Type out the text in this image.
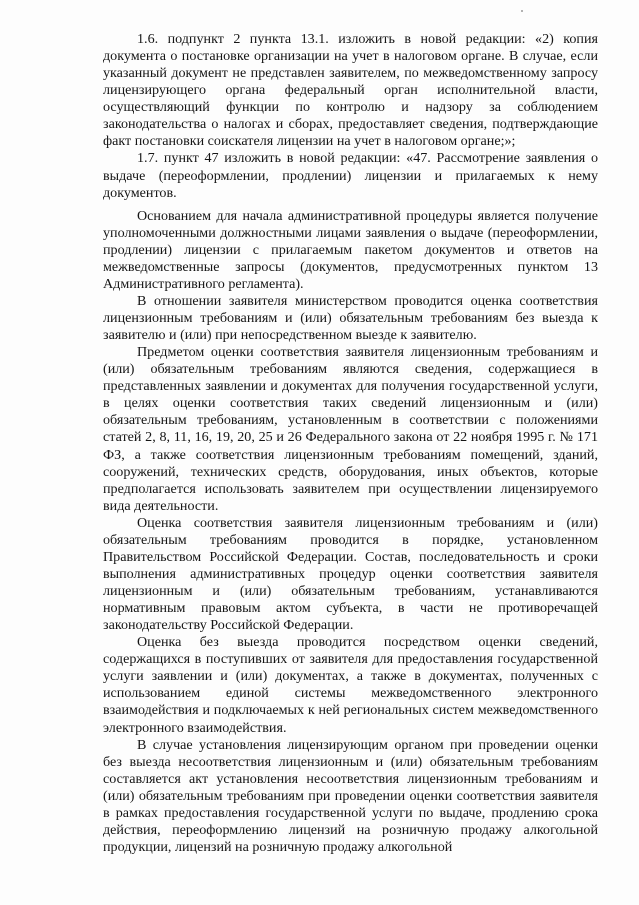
1.6. подпункт 2 пункта 13.1. изложить в новой редакции: «2) копия документа о постановке организации на учет в налоговом органе. В случае, если указанный документ не представлен заявителем, по межведомственному запросу лицензирующего органа федеральный орган исполнительной власти, осуществляющий функции по контролю и надзору за соблюдением законодательства о налогах и сборах, предоставляет сведения, подтверждающие факт постановки соискателя лицензии на учет в налоговом органе;»;

1.7. пункт 47 изложить в новой редакции: «47. Рассмотрение заявления о выдаче (переоформлении, продлении) лицензии и прилагаемых к нему документов.

Основанием для начала административной процедуры является получение уполномоченными должностными лицами заявления о выдаче (переоформлении, продлении) лицензии с прилагаемым пакетом документов и ответов на межведомственные запросы (документов, предусмотренных пунктом 13 Административного регламента).

В отношении заявителя министерством проводится оценка соответствия лицензионным требованиям и (или) обязательным требованиям без выезда к заявителю и (или) при непосредственном выезде к заявителю.

Предметом оценки соответствия заявителя лицензионным требованиям и (или) обязательным требованиям являются сведения, содержащиеся в представленных заявлении и документах для получения государственной услуги, в целях оценки соответствия таких сведений лицензионным и (или) обязательным требованиям, установленным в соответствии с положениями статей 2, 8, 11, 16, 19, 20, 25 и 26 Федерального закона от 22 ноября 1995 г. № 171 ФЗ, а также соответствия лицензионным требованиям помещений, зданий, сооружений, технических средств, оборудования, иных объектов, которые предполагается использовать заявителем при осуществлении лицензируемого вида деятельности.

Оценка соответствия заявителя лицензионным требованиям и (или) обязательным требованиям проводится в порядке, установленном Правительством Российской Федерации. Состав, последовательность и сроки выполнения административных процедур оценки соответствия заявителя лицензионным и (или) обязательным требованиям, устанавливаются нормативным правовым актом субъекта, в части не противоречащей законодательству Российской Федерации.

Оценка без выезда проводится посредством оценки сведений, содержащихся в поступивших от заявителя для предоставления государственной услуги заявлении и (или) документах, а также в документах, полученных с использованием единой системы межведомственного электронного взаимодействия и подключаемых к ней региональных систем межведомственного электронного взаимодействия.

В случае установления лицензирующим органом при проведении оценки без выезда несоответствия лицензионным и (или) обязательным требованиям составляется акт установления несоответствия лицензионным требованиям и (или) обязательным требованиям при проведении оценки соответствия заявителя в рамках предоставления государственной услуги по выдаче, продлению срока действия, переоформлению лицензий на розничную продажу алкогольной продукции, лицензий на розничную продажу алкогольной
